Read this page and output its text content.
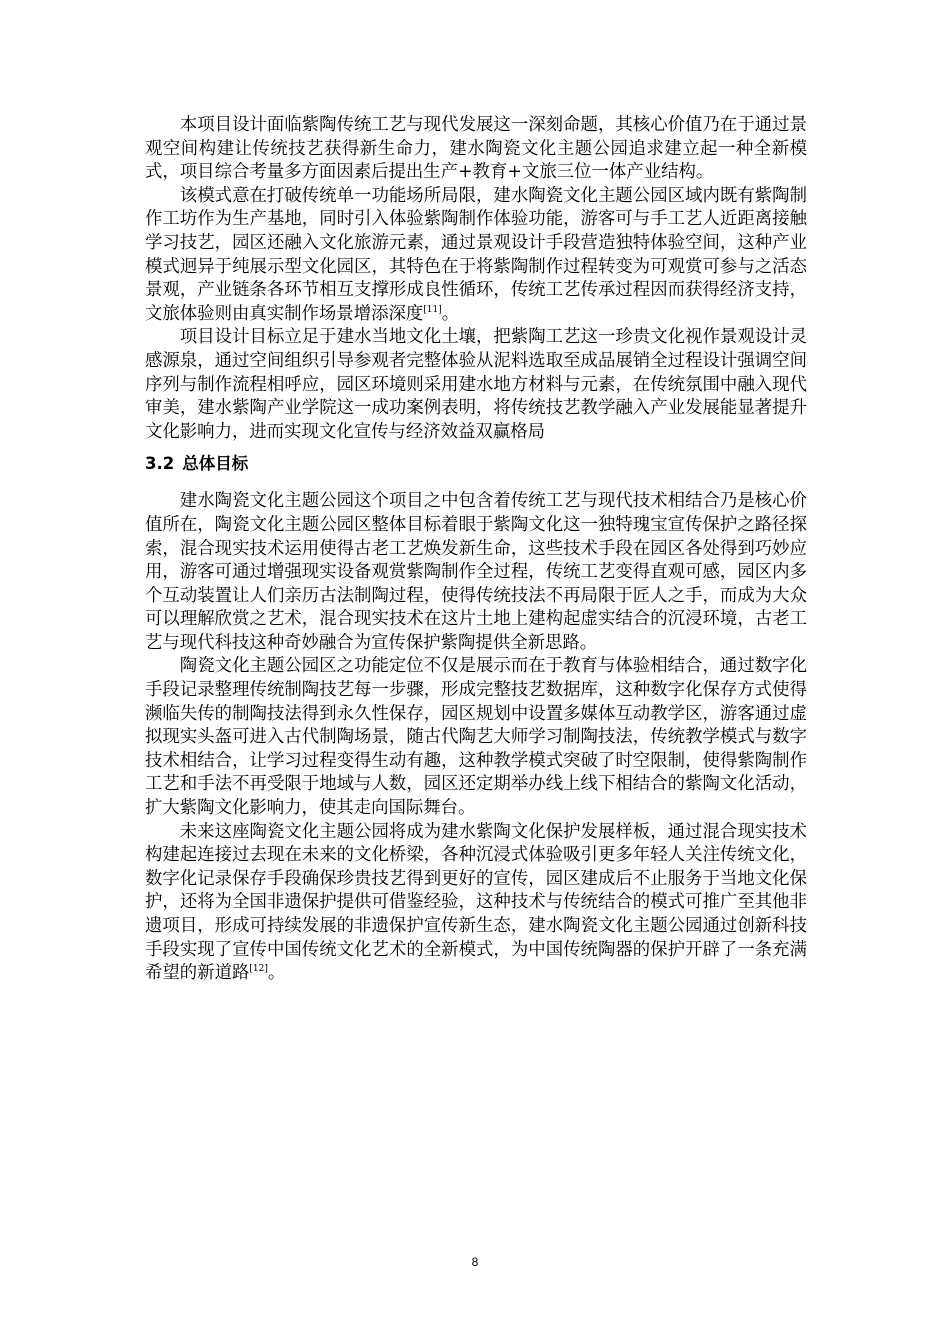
本项目设计面临紫陶传统工艺与现代发展这一深刻命题，其核心价值乃在于通过景观空间构建让传统技艺获得新生命力，建水陶瓷文化主题公园追求建立起一种全新模式，项目综合考量多方面因素后提出生产+教育+文旅三位一体产业结构。

该模式意在打破传统单一功能场所局限，建水陶瓷文化主题公园区域内既有紫陶制作工坊作为生产基地，同时引入体验紫陶制作体验功能，游客可与手工艺人近距离接触学习技艺，园区还融入文化旅游元素，通过景观设计手段营造独特体验空间，这种产业模式迥异于纯展示型文化园区，其特色在于将紫陶制作过程转变为可观赏可参与之活态景观，产业链条各环节相互支撑形成良性循环，传统工艺传承过程因而获得经济支持，文旅体验则由真实制作场景增添深度[11]。

项目设计目标立足于建水当地文化土壤，把紫陶工艺这一珍贵文化视作景观设计灵感源泉，通过空间组织引导参观者完整体验从泥料选取至成品展销全过程设计强调空间序列与制作流程相呼应，园区环境则采用建水地方材料与元素，在传统氛围中融入现代审美，建水紫陶产业学院这一成功案例表明，将传统技艺教学融入产业发展能显著提升文化影响力，进而实现文化宣传与经济效益双赢格局

3.2 总体目标

建水陶瓷文化主题公园这个项目之中包含着传统工艺与现代技术相结合乃是核心价值所在，陶瓷文化主题公园区整体目标着眼于紫陶文化这一独特瑰宝宣传保护之路径探索，混合现实技术运用使得古老工艺焕发新生命，这些技术手段在园区各处得到巧妙应用，游客可通过增强现实设备观赏紫陶制作全过程，传统工艺变得直观可感，园区内多个互动装置让人们亲历古法制陶过程，使得传统技法不再局限于匠人之手，而成为大众可以理解欣赏之艺术，混合现实技术在这片土地上建构起虚实结合的沉浸环境，古老工艺与现代科技这种奇妙融合为宣传保护紫陶提供全新思路。

陶瓷文化主题公园区之功能定位不仅是展示而在于教育与体验相结合，通过数字化手段记录整理传统制陶技艺每一步骤，形成完整技艺数据库，这种数字化保存方式使得濒临失传的制陶技法得到永久性保存，园区规划中设置多媒体互动教学区，游客通过虚拟现实头盔可进入古代制陶场景，随古代陶艺大师学习制陶技法，传统教学模式与数字技术相结合，让学习过程变得生动有趣，这种教学模式突破了时空限制，使得紫陶制作工艺和手法不再受限于地域与人数，园区还定期举办线上线下相结合的紫陶文化活动，扩大紫陶文化影响力，使其走向国际舞台。

未来这座陶瓷文化主题公园将成为建水紫陶文化保护发展样板，通过混合现实技术构建起连接过去现在未来的文化桥梁，各种沉浸式体验吸引更多年轻人关注传统文化，数字化记录保存手段确保珍贵技艺得到更好的宣传，园区建成后不止服务于当地文化保护，还将为全国非遗保护提供可借鉴经验，这种技术与传统结合的模式可推广至其他非遗项目，形成可持续发展的非遗保护宣传新生态，建水陶瓷文化主题公园通过创新科技手段实现了宣传中国传统文化艺术的全新模式，为中国传统陶器的保护开辟了一条充满希望的新道路[12]。

8
